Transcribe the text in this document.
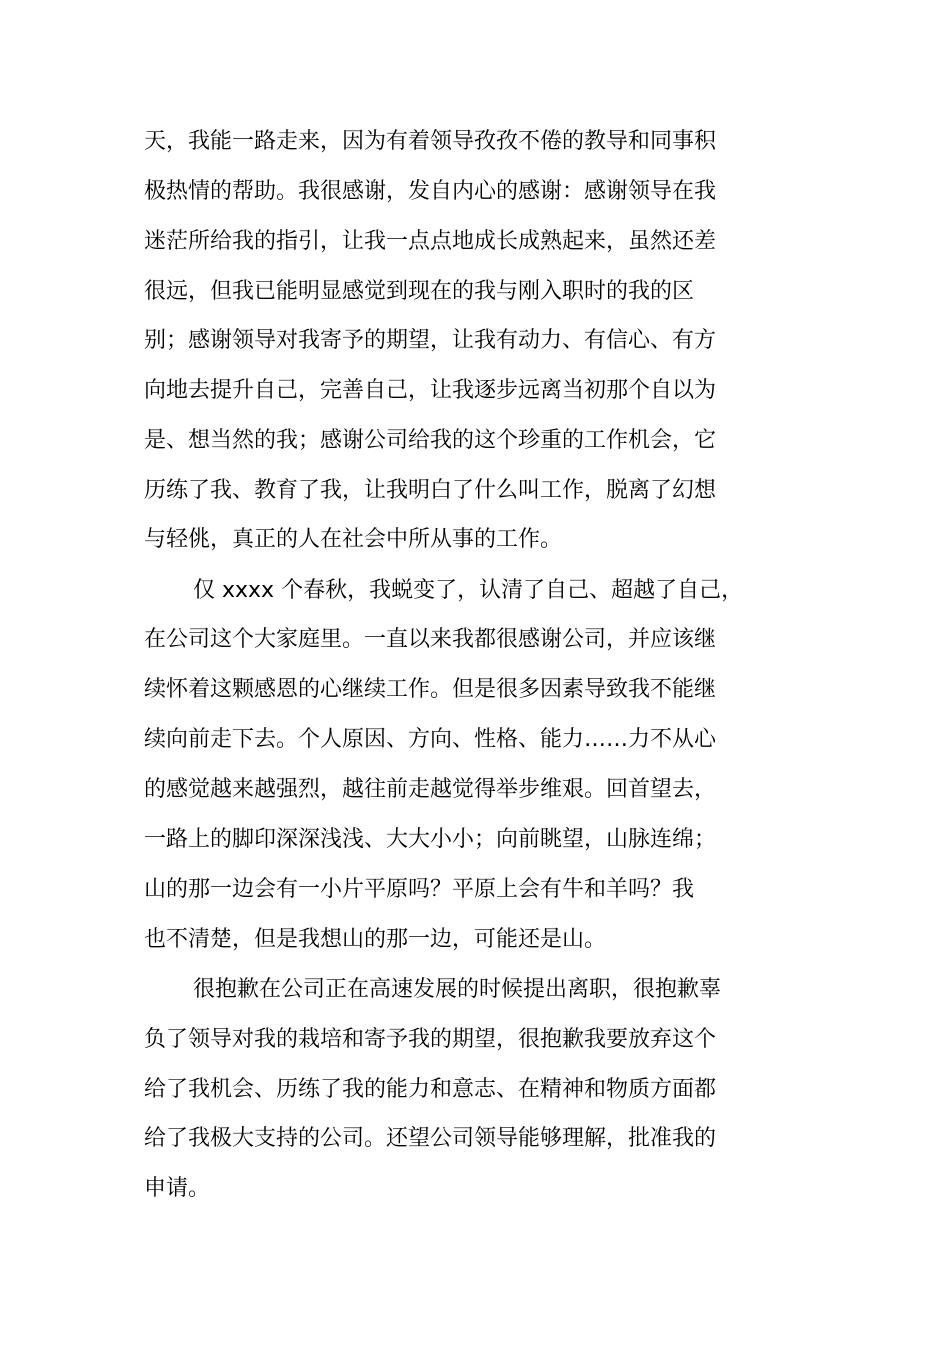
天，我能一路走来，因为有着领导孜孜不倦的教导和同事积
极热情的帮助。我很感谢，发自内心的感谢：感谢领导在我
迷茫所给我的指引，让我一点点地成长成熟起来，虽然还差
很远，但我已能明显感觉到现在的我与刚入职时的我的区
别；感谢领导对我寄予的期望，让我有动力、有信心、有方
向地去提升自己，完善自己，让我逐步远离当初那个自以为
是、想当然的我；感谢公司给我的这个珍重的工作机会，它
历练了我、教育了我，让我明白了什么叫工作，脱离了幻想
与轻佻，真正的人在社会中所从事的工作。
仅 xxxx 个春秋，我蜕变了，认清了自己、超越了自己，
在公司这个大家庭里。一直以来我都很感谢公司，并应该继
续怀着这颗感恩的心继续工作。但是很多因素导致我不能继
续向前走下去。个人原因、方向、性格、能力……力不从心
的感觉越来越强烈，越往前走越觉得举步维艰。回首望去，
一路上的脚印深深浅浅、大大小小；向前眺望，山脉连绵；
山的那一边会有一小片平原吗？平原上会有牛和羊吗？我
也不清楚，但是我想山的那一边，可能还是山。
很抱歉在公司正在高速发展的时候提出离职，很抱歉辜
负了领导对我的栽培和寄予我的期望，很抱歉我要放弃这个
给了我机会、历练了我的能力和意志、在精神和物质方面都
给了我极大支持的公司。还望公司领导能够理解，批准我的
申请。
